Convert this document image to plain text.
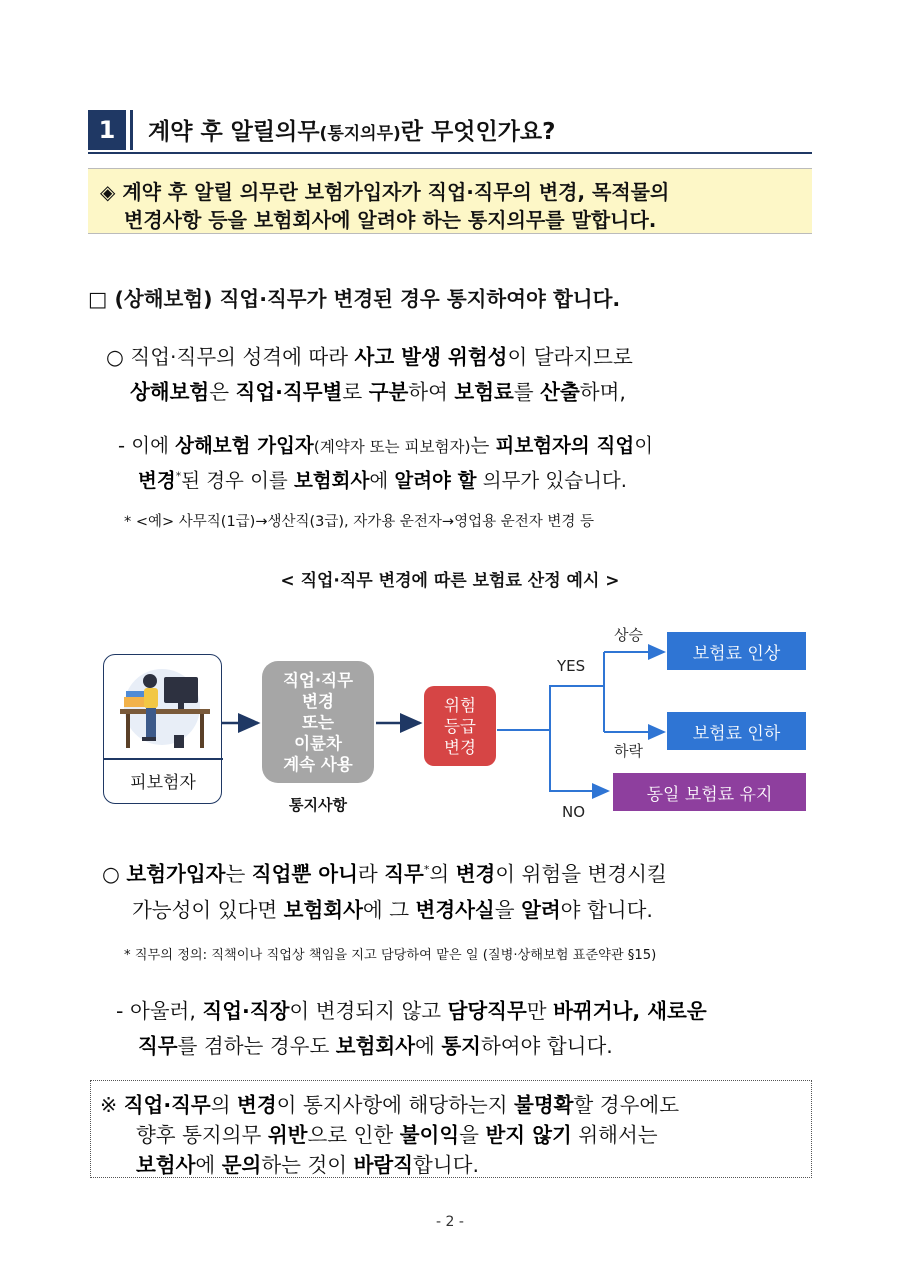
1	계약 후 알릴의무(통지의무)란 무엇인가요?
◈ 계약 후 알릴 의무란 보험가입자가 직업·직무의 변경, 목적물의
변경사항 등을 보험회사에 알려야 하는 통지의무를 말합니다.
□ (상해보험) 직업·직무가 변경된 경우 통지하여야 합니다.
○ 직업·직무의 성격에 따라 사고 발생 위험성이 달라지므로
상해보험은 직업·직무별로 구분하여 보험료를 산출하며,
- 이에 상해보험 가입자(계약자 또는 피보험자)는 피보험자의 직업이
변경*된 경우 이를 보험회사에 알려야 할 의무가 있습니다.
* <예> 사무직(1급)→생산직(3급), 자가용 운전자→영업용 운전자 변경 등
< 직업·직무 변경에 따른 보험료 산정 예시 >
피보험자
직업·직무
변경
또는
이륜차
계속 사용
통지사항
위험
등급
변경
YES
NO
상승
하락
보험료 인상
보험료 인하
동일 보험료 유지
○ 보험가입자는 직업뿐 아니라 직무*의 변경이 위험을 변경시킬
가능성이 있다면 보험회사에 그 변경사실을 알려야 합니다.
* 직무의 정의: 직책이나 직업상 책임을 지고 담당하여 맡은 일 (질병·상해보험 표준약관 §15)
- 아울러, 직업·직장이 변경되지 않고 담당직무만 바뀌거나, 새로운
직무를 겸하는 경우도 보험회사에 통지하여야 합니다.
※ 직업·직무의 변경이 통지사항에 해당하는지 불명확할 경우에도
향후 통지의무 위반으로 인한 불이익을 받지 않기 위해서는
보험사에 문의하는 것이 바람직합니다.
- 2 -
